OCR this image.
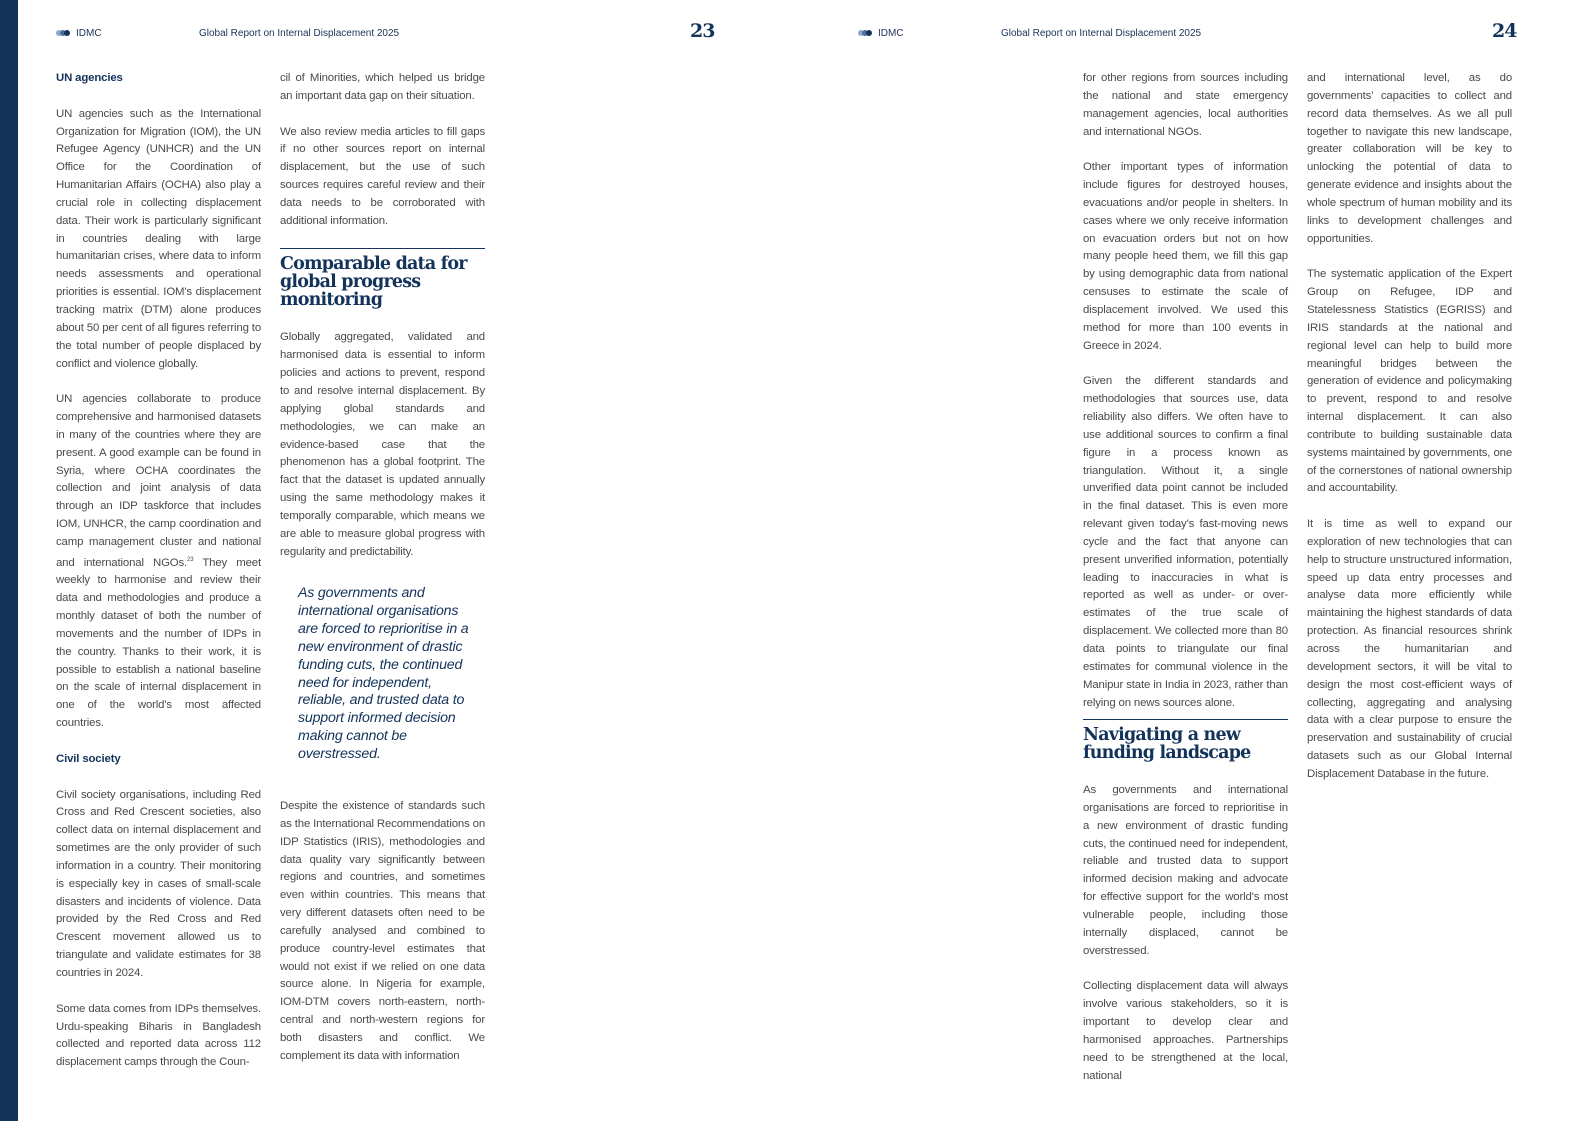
IDMC	Global Report on Internal Displacement 2025	23	IDMC	Global Report on Internal Displacement 2025	24
UN agencies

UN agencies such as the International Organization for Migration (IOM), the UN Refugee Agency (UNHCR) and the UN Office for the Coordination of Humanitarian Affairs (OCHA) also play a crucial role in collecting displacement data. Their work is particularly significant in countries dealing with large humanitarian crises, where data to inform needs assessments and operational priorities is essential. IOM's displacement tracking matrix (DTM) alone produces about 50 per cent of all figures referring to the total number of people displaced by conflict and violence globally.

UN agencies collaborate to produce comprehensive and harmonised datasets in many of the countries where they are present. A good example can be found in Syria, where OCHA coordinates the collection and joint analysis of data through an IDP taskforce that includes IOM, UNHCR, the camp coordination and camp management cluster and national and international NGOs.$^{23}$ They meet weekly to harmonise and review their data and methodologies and produce a monthly dataset of both the number of movements and the number of IDPs in the country. Thanks to their work, it is possible to establish a national baseline on the scale of internal displacement in one of the world's most affected countries.

Civil society

Civil society organisations, including Red Cross and Red Crescent societies, also collect data on internal displacement and sometimes are the only provider of such information in a country. Their monitoring is especially key in cases of small-scale disasters and incidents of violence. Data provided by the Red Cross and Red Crescent movement allowed us to triangulate and validate estimates for 38 countries in 2024.

Some data comes from IDPs themselves. Urdu-speaking Biharis in Bangladesh collected and reported data across 112 displacement camps through the Coun-

cil of Minorities, which helped us bridge an important data gap on their situation.

We also review media articles to fill gaps if no other sources report on internal displacement, but the use of such sources requires careful review and their data needs to be corroborated with additional information.

Comparable data for global progress monitoring

Globally aggregated, validated and harmonised data is essential to inform policies and actions to prevent, respond to and resolve internal displacement. By applying global standards and methodologies, we can make an evidence-based case that the phenomenon has a global footprint. The fact that the dataset is updated annually using the same methodology makes it temporally comparable, which means we are able to measure global progress with regularity and predictability.

As governments and international organisations are forced to reprioritise in a new environment of drastic funding cuts, the continued need for independent, reliable, and trusted data to support informed decision making cannot be overstressed.

Despite the existence of standards such as the International Recommendations on IDP Statistics (IRIS), methodologies and data quality vary significantly between regions and countries, and sometimes even within countries. This means that very different datasets often need to be carefully analysed and combined to produce country-level estimates that would not exist if we relied on one data source alone. In Nigeria for example, IOM-DTM covers north-eastern, north-central and north-western regions for both disasters and conflict. We complement its data with information

for other regions from sources including the national and state emergency management agencies, local authorities and international NGOs.

Other important types of information include figures for destroyed houses, evacuations and/or people in shelters. In cases where we only receive information on evacuation orders but not on how many people heed them, we fill this gap by using demographic data from national censuses to estimate the scale of displacement involved. We used this method for more than 100 events in Greece in 2024.

Given the different standards and methodologies that sources use, data reliability also differs. We often have to use additional sources to confirm a final figure in a process known as triangulation. Without it, a single unverified data point cannot be included in the final dataset. This is even more relevant given today's fast-moving news cycle and the fact that anyone can present unverified information, potentially leading to inaccuracies in what is reported as well as under- or over-estimates of the true scale of displacement. We collected more than 80 data points to triangulate our final estimates for communal violence in the Manipur state in India in 2023, rather than relying on news sources alone.

Navigating a new funding landscape

As governments and international organisations are forced to reprioritise in a new environment of drastic funding cuts, the continued need for independent, reliable and trusted data to support informed decision making and advocate for effective support for the world's most vulnerable people, including those internally displaced, cannot be overstressed.

Collecting displacement data will always involve various stakeholders, so it is important to develop clear and harmonised approaches. Partnerships need to be strengthened at the local, national

and international level, as do governments' capacities to collect and record data themselves. As we all pull together to navigate this new landscape, greater collaboration will be key to unlocking the potential of data to generate evidence and insights about the whole spectrum of human mobility and its links to development challenges and opportunities.

The systematic application of the Expert Group on Refugee, IDP and Statelessness Statistics (EGRISS) and IRIS standards at the national and regional level can help to build more meaningful bridges between the generation of evidence and policymaking to prevent, respond to and resolve internal displacement. It can also contribute to building sustainable data systems maintained by governments, one of the cornerstones of national ownership and accountability.

It is time as well to expand our exploration of new technologies that can help to structure unstructured information, speed up data entry processes and analyse data more efficiently while maintaining the highest standards of data protection. As financial resources shrink across the humanitarian and development sectors, it will be vital to design the most cost-efficient ways of collecting, aggregating and analysing data with a clear purpose to ensure the preservation and sustainability of crucial datasets such as our Global Internal Displacement Database in the future.
